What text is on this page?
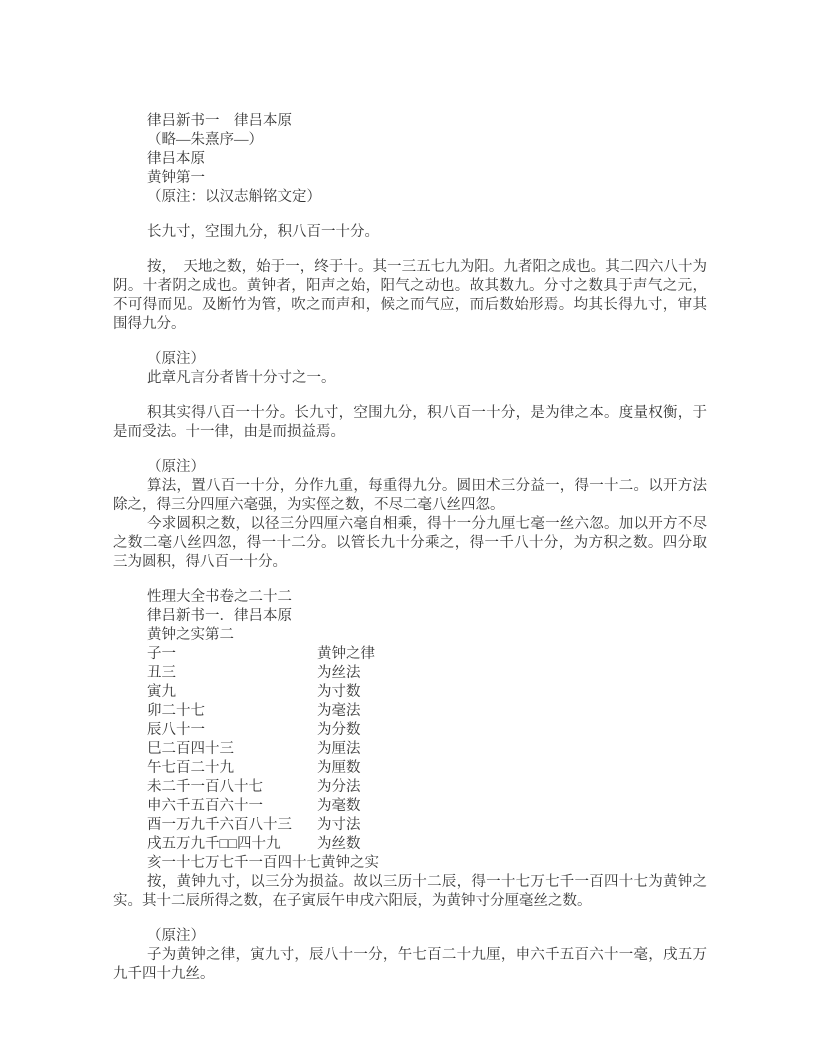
律吕新书一　律吕本原
（略—朱熹序—）
律吕本原
黄钟第一
（原注：以汉志斛铭文定）
长九寸，空围九分，积八百一十分。
按，　天地之数，始于一，终于十。其一三五七九为阳。九者阳之成也。其二四六八十为阴。十者阴之成也。黄钟者，阳声之始，阳气之动也。故其数九。分寸之数具于声气之元，不可得而见。及断竹为管，吹之而声和，候之而气应，而后数始形焉。均其长得九寸，审其围得九分。
（原注）
此章凡言分者皆十分寸之一。
积其实得八百一十分。长九寸，空围九分，积八百一十分，是为律之本。度量权衡，于是而受法。十一律，由是而损益焉。
（原注）
算法，置八百一十分，分作九重，每重得九分。圆田术三分益一，得一十二。以开方法除之，得三分四厘六毫强，为实俓之数，不尽二毫八丝四忽。
今求圆积之数，以径三分四厘六毫自相乘，得十一分九厘七毫一丝六忽。加以开方不尽之数二毫八丝四忽，得一十二分。以管长九十分乘之，得一千八十分，为方积之数。四分取三为圆积，得八百一十分。
性理大全书卷之二十二
律吕新书一．律吕本原
黄钟之实第二
子一	黄钟之律
丑三	为丝法
寅九	为寸数
卯二十七	为毫法
辰八十一	为分数
巳二百四十三	为厘法
午七百二十九	为厘数
未二千一百八十七	为分法
申六千五百六十一	为毫数
酉一万九千六百八十三	为寸法
戌五万九千□□四十九	为丝数
亥一十七万七千一百四十七 黄钟之实
按，黄钟九寸，以三分为损益。故以三历十二辰，得一十七万七千一百四十七为黄钟之实。其十二辰所得之数，在子寅辰午申戌六阳辰，为黄钟寸分厘毫丝之数。
（原注）
子为黄钟之律，寅九寸，辰八十一分，午七百二十九厘，申六千五百六十一毫，戌五万九千四十九丝。
